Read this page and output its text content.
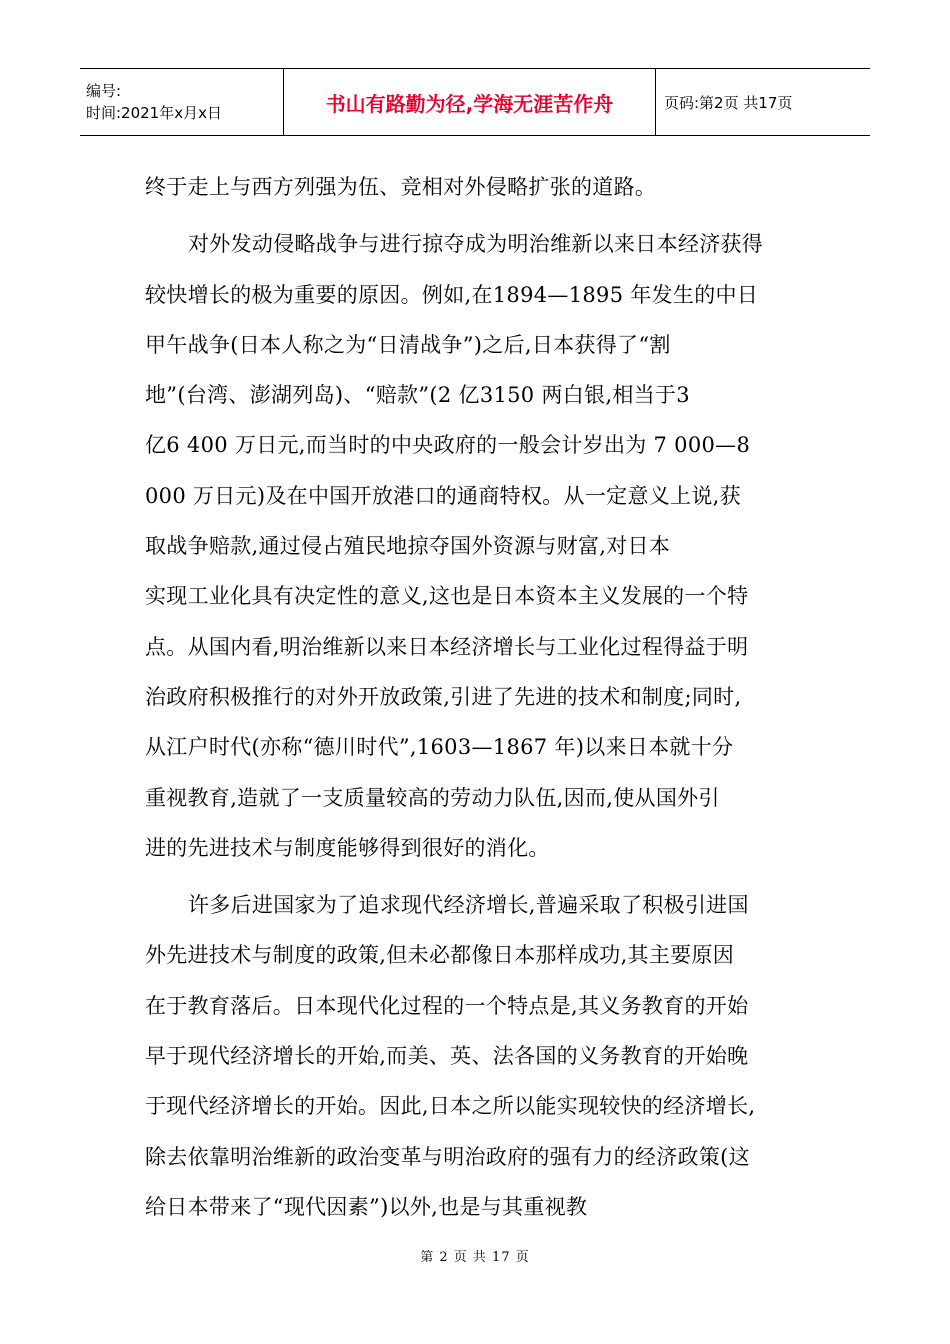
编号:
时间:2021年x月x日	书山有路勤为径,学海无涯苦作舟	页码:第2页 共17页
终于走上与西方列强为伍、竞相对外侵略扩张的道路。
对外发动侵略战争与进行掠夺成为明治维新以来日本经济获得
较快增长的极为重要的原因。例如,在1894—1895 年发生的中日
甲午战争(日本人称之为“日清战争”)之后,日本获得了“割
地”(台湾、澎湖列岛)、“赔款”(2 亿3150 两白银,相当于3
亿6 400 万日元,而当时的中央政府的一般会计岁出为 7 000—8
000 万日元)及在中国开放港口的通商特权。从一定意义上说,获
取战争赔款,通过侵占殖民地掠夺国外资源与财富,对日本
实现工业化具有决定性的意义,这也是日本资本主义发展的一个特
点。从国内看,明治维新以来日本经济增长与工业化过程得益于明
治政府积极推行的对外开放政策,引进了先进的技术和制度;同时,
从江户时代(亦称“德川时代”,1603—1867 年)以来日本就十分
重视教育,造就了一支质量较高的劳动力队伍,因而,使从国外引
进的先进技术与制度能够得到很好的消化。
许多后进国家为了追求现代经济增长,普遍采取了积极引进国
外先进技术与制度的政策,但未必都像日本那样成功,其主要原因
在于教育落后。日本现代化过程的一个特点是,其义务教育的开始
早于现代经济增长的开始,而美、英、法各国的义务教育的开始晚
于现代经济增长的开始。因此,日本之所以能实现较快的经济增长,
除去依靠明治维新的政治变革与明治政府的强有力的经济政策(这
给日本带来了“现代因素”)以外,也是与其重视教
第 2 页 共 17 页
